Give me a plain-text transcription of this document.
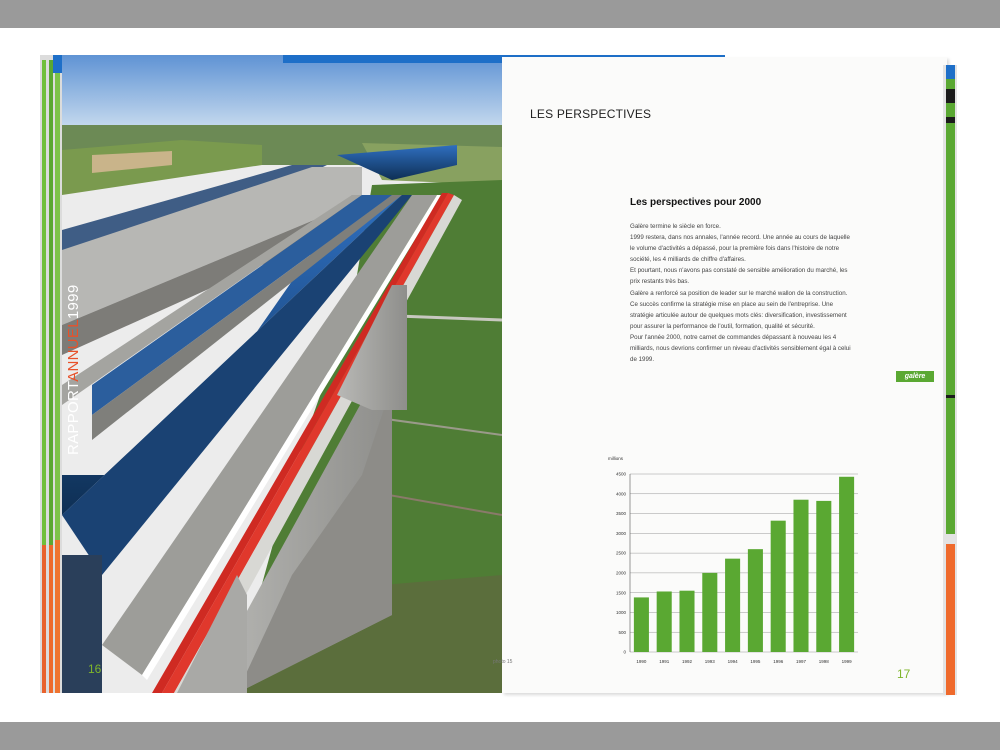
RAPPORTANNUEL1999
16	photo 15
LES PERSPECTIVES
Les perspectives pour 2000

Galère termine le siècle en force.

1999 restera, dans nos annales, l'année record. Une année au cours de laquelle le volume d'activités a dépassé, pour la première fois dans l'histoire de notre société, les 4 milliards de chiffre d'affaires.

Et pourtant, nous n'avons pas constaté de sensible amélioration du marché, les prix restants très bas.

Galère a renforcé sa position de leader sur le marché wallon de la construction. Ce succès confirme la stratégie mise en place au sein de l'entreprise. Une stratégie articulée autour de quelques mots clés: diversification, investissement pour assurer la performance de l'outil, formation, qualité et sécurité.

Pour l'année 2000, notre carnet de commandes dépassant à nouveau les 4 milliards, nous devrions confirmer un niveau d'activités sensiblement égal à celui de 1999.

galère
millions
0
500
1000
1500
2000
2500
3000
3500
4000
4500
1990	1991	1992	1993	1994	1995	1996	1997	1998	1999
17
